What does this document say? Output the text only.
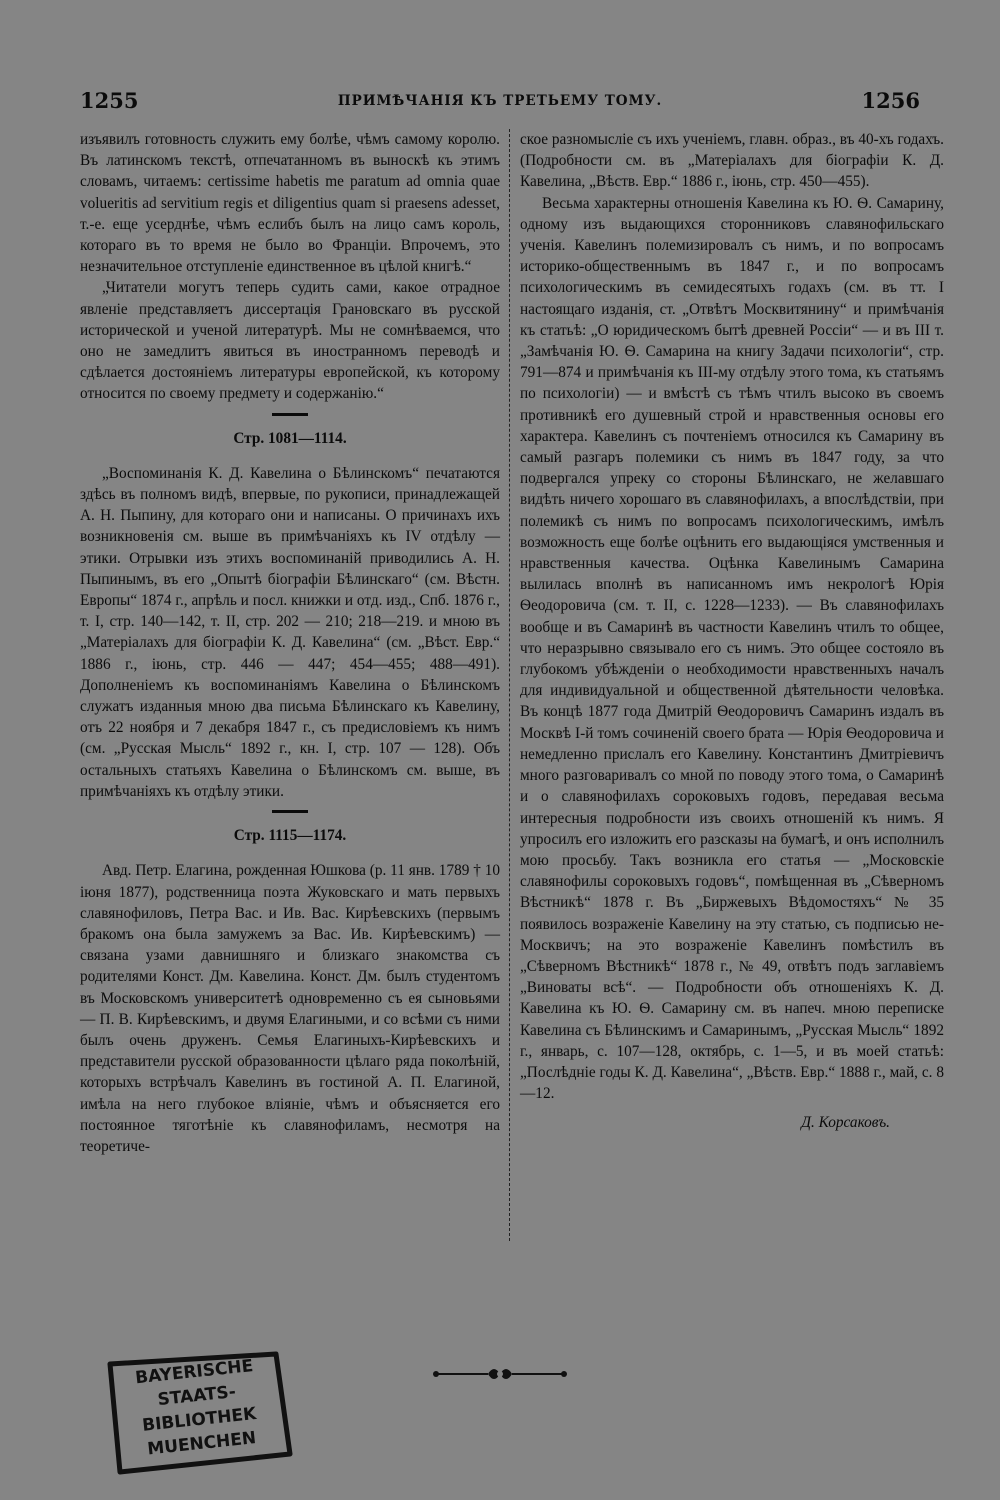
1255	ПРИМѢЧАНІЯ КЪ ТРЕТЬЕМУ ТОМУ.	1256

изъявилъ готовность служить ему болѣе, чѣмъ самому королю. Въ латинскомъ текстѣ, отпечатанномъ въ выноскѣ къ этимъ словамъ, читаемъ: certissime habetis me paratum ad omnia quae volueritis ad servitium regis et diligentius quam si praesens adesset, т.-е. еще усерднѣе, чѣмъ еслибъ былъ на лицо самъ король, котораго въ то время не было во Франціи. Впрочемъ, это незначительное отступленіе единственное въ цѣлой книгѣ.“

„Читатели могутъ теперь судить сами, какое отрадное явленіе представляетъ диссертація Грановскаго въ русской исторической и ученой литературѣ. Мы не сомнѣваемся, что оно не замедлитъ явиться въ иностранномъ переводѣ и сдѣлается достояніемъ литературы европейской, къ которому относится по своему предмету и содержанію.“

Стр. 1081—1114.

„Воспоминанія К. Д. Кавелина о Бѣлинскомъ“ печатаются здѣсь въ полномъ видѣ, впервые, по рукописи, принадлежащей А. Н. Пыпину, для котораго они и написаны. О причинахъ ихъ возникновенія см. выше въ примѣчаніяхъ къ IV отдѣлу — этики. Отрывки изъ этихъ воспоминаній приводились А. Н. Пыпинымъ, въ его „Опытѣ біографіи Бѣлинскаго“ (см. Вѣстн. Европы“ 1874 г., апрѣль и посл. книжки и отд. изд., Спб. 1876 г., т. I, стр. 140—142, т. II, стр. 202 — 210; 218—219. и мною въ „Матеріалахъ для біографіи К. Д. Кавелина“ (см. „Вѣст. Евр.“ 1886 г., іюнь, стр. 446 — 447; 454—455; 488—491). Дополненіемъ къ воспоминаніямъ Кавелина о Бѣлинскомъ служатъ изданныя мною два письма Бѣлинскаго къ Кавелину, отъ 22 ноября и 7 декабря 1847 г., съ предисловіемъ къ нимъ (см. „Русская Мысль“ 1892 г., кн. I, стр. 107 — 128). Объ остальныхъ статьяхъ Кавелина о Бѣлинскомъ см. выше, въ примѣчаніяхъ къ отдѣлу этики.

Стр. 1115—1174.

Авд. Петр. Елагина, рожденная Юшкова (р. 11 янв. 1789 † 10 іюня 1877), родственница поэта Жуковскаго и мать первыхъ славянофиловъ, Петра Вас. и Ив. Вас. Кирѣевскихъ (первымъ бракомъ она была замужемъ за Вас. Ив. Кирѣевскимъ) — связана узами давнишняго и близкаго знакомства съ родителями Конст. Дм. Кавелина. Конст. Дм. былъ студентомъ въ Московскомъ университетѣ одновременно съ ея сыновьями — П. В. Кирѣевскимъ, и двумя Елагиными, и со всѣми съ ними былъ очень друженъ. Семья Елагиныхъ-Кирѣевскихъ и представители русской образованности цѣлаго ряда поколѣній, которыхъ встрѣчалъ Кавелинъ въ гостиной А. П. Елагиной, имѣла на него глубокое вліяніе, чѣмъ и объясняется его постоянное тяготѣніе къ славянофиламъ, несмотря на теоретиче-

ское разномысліе съ ихъ ученіемъ, главн. образ., въ 40-хъ годахъ. (Подробности см. въ „Матеріалахъ для біографіи К. Д. Кавелина, „Вѣств. Евр.“ 1886 г., іюнь, стр. 450—455).

Весьма характерны отношенія Кавелина къ Ю. Ѳ. Самарину, одному изъ выдающихся сторонниковъ славянофильскаго ученія. Кавелинъ полемизировалъ съ нимъ, и по вопросамъ историко-общественнымъ въ 1847 г., и по вопросамъ психологическимъ въ семидесятыхъ годахъ (см. въ тт. I настоящаго изданія, ст. „Отвѣтъ Москвитянину“ и примѣчанія къ статьѣ: „О юридическомъ бытѣ древней Россіи“ — и въ III т. „Замѣчанія Ю. Ѳ. Самарина на книгу Задачи психологіи“, стр. 791—874 и примѣчанія къ III-му отдѣлу этого тома, къ статьямъ по психологіи) — и вмѣстѣ съ тѣмъ чтилъ высоко въ своемъ противникѣ его душевный строй и нравственныя основы его характера. Кавелинъ съ почтеніемъ относился къ Самарину въ самый разгаръ полемики съ нимъ въ 1847 году, за что подвергался упреку со стороны Бѣлинскаго, не желавшаго видѣть ничего хорошаго въ славянофилахъ, а впослѣдствіи, при полемикѣ съ нимъ по вопросамъ психологическимъ, имѣлъ возможность еще болѣе оцѣнить его выдающіяся умственныя и нравственныя качества. Оцѣнка Кавелинымъ Самарина вылилась вполнѣ въ написанномъ имъ некрологѣ Юрія Ѳеодоровича (см. т. II, с. 1228—1233). — Въ славянофилахъ вообще и въ Самаринѣ въ частности Кавелинъ чтилъ то общее, что неразрывно связывало его съ нимъ. Это общее состояло въ глубокомъ убѣжденіи о необходимости нравственныхъ началъ для индивидуальной и общественной дѣятельности человѣка. Въ концѣ 1877 года Дмитрій Ѳеодоровичъ Самаринъ издалъ въ Москвѣ I-й томъ сочиненій своего брата — Юрія Ѳеодоровича и немедленно прислалъ его Кавелину. Константинъ Дмитріевичъ много разговаривалъ со мной по поводу этого тома, о Самаринѣ и о славянофилахъ сороковыхъ годовъ, передавая весьма интересныя подробности изъ своихъ отношеній къ нимъ. Я упросилъ его изложить его разсказы на бумагѣ, и онъ исполнилъ мою просьбу. Такъ возникла его статья — „Московскіе славянофилы сороковыхъ годовъ“, помѣщенная въ „Сѣверномъ Вѣстникѣ“ 1878 г. Въ „Биржевыхъ Вѣдомостяхъ“ № 35 появилось возраженіе Кавелину на эту статью, съ подписью не-Москвичъ; на это возраженіе Кавелинъ помѣстилъ въ „Сѣверномъ Вѣстникѣ“ 1878 г., № 49, отвѣтъ подъ заглавіемъ „Виноваты всѣ“. — Подробности объ отношеніяхъ К. Д. Кавелина къ Ю. Ѳ. Самарину см. въ напеч. мною переписке Кавелина съ Бѣлинскимъ и Самаринымъ, „Русская Мысль“ 1892 г., январь, с. 107—128, октябрь, с. 1—5, и въ моей статьѣ: „Послѣдніе годы К. Д. Кавелина“, „Вѣств. Евр.“ 1888 г., май, с. 8—12.

Д. Корсаковъ.
BAYERISCHE
STAATS-
BIBLIOTHEK
MUENCHEN
